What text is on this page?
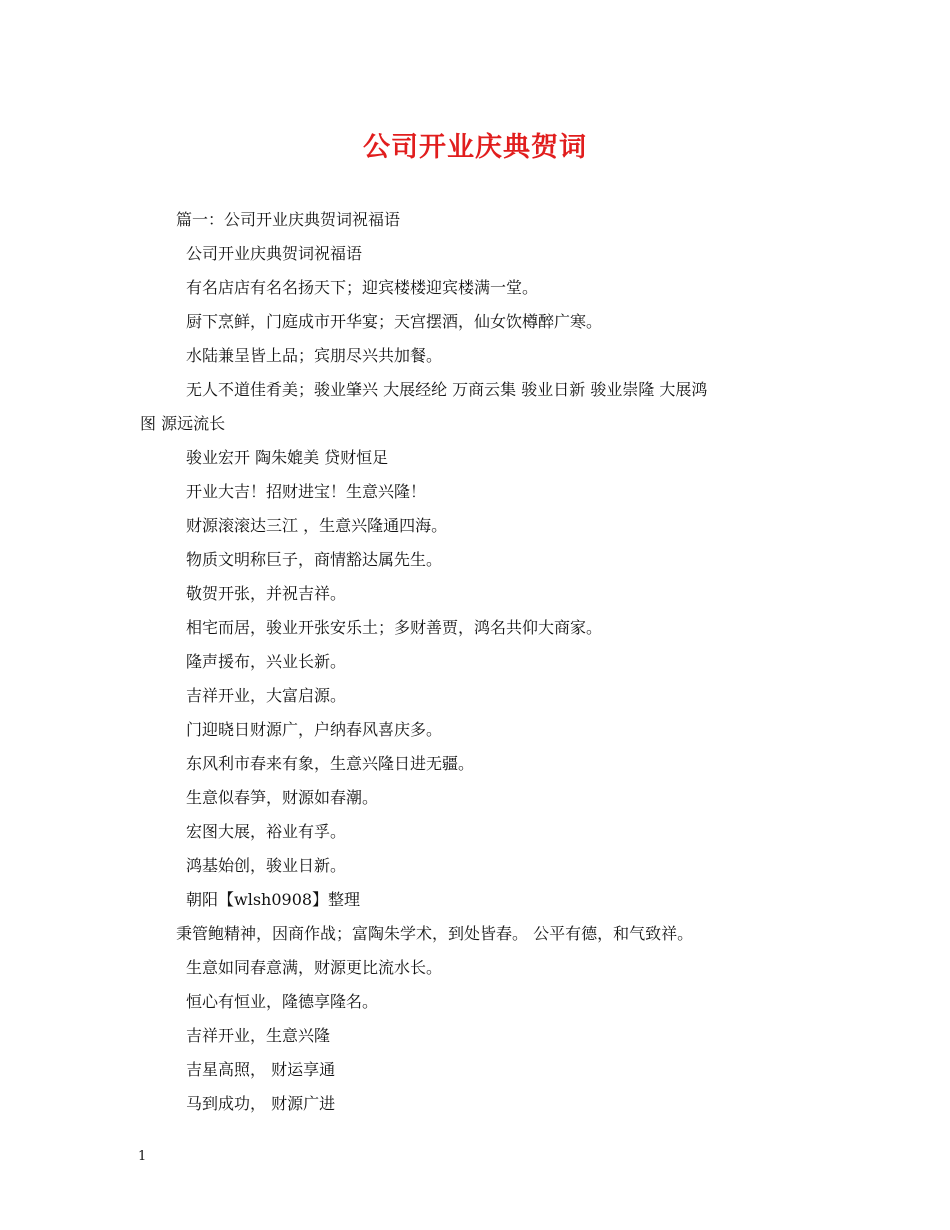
公司开业庆典贺词
篇一：公司开业庆典贺词祝福语
公司开业庆典贺词祝福语
有名店店有名名扬天下；迎宾楼楼迎宾楼满一堂。
厨下烹鲜，门庭成市开华宴；天宫摆酒，仙女饮樽醉广寒。
水陆兼呈皆上品；宾朋尽兴共加餐。
无人不道佳肴美；骏业肇兴 大展经纶 万商云集 骏业日新 骏业崇隆 大展鸿
图 源远流长
骏业宏开 陶朱媲美 贷财恒足
开业大吉！招财进宝！生意兴隆！
财源滚滚达三江 ，生意兴隆通四海。
物质文明称巨子，商情豁达属先生。
敬贺开张，并祝吉祥。
相宅而居，骏业开张安乐土；多财善贾，鸿名共仰大商家。
隆声援布，兴业长新。
吉祥开业，大富启源。
门迎晓日财源广，户纳春风喜庆多。
东风利市春来有象，生意兴隆日进无疆。
生意似春笋，财源如春潮。
宏图大展，裕业有孚。
鸿基始创，骏业日新。
朝阳【wlsh0908】整理
秉管鲍精神，因商作战；富陶朱学术，到处皆春。 公平有德，和气致祥。
生意如同春意满，财源更比流水长。
恒心有恒业，隆德享隆名。
吉祥开业，生意兴隆
吉星高照， 财运享通
马到成功， 财源广进
1
